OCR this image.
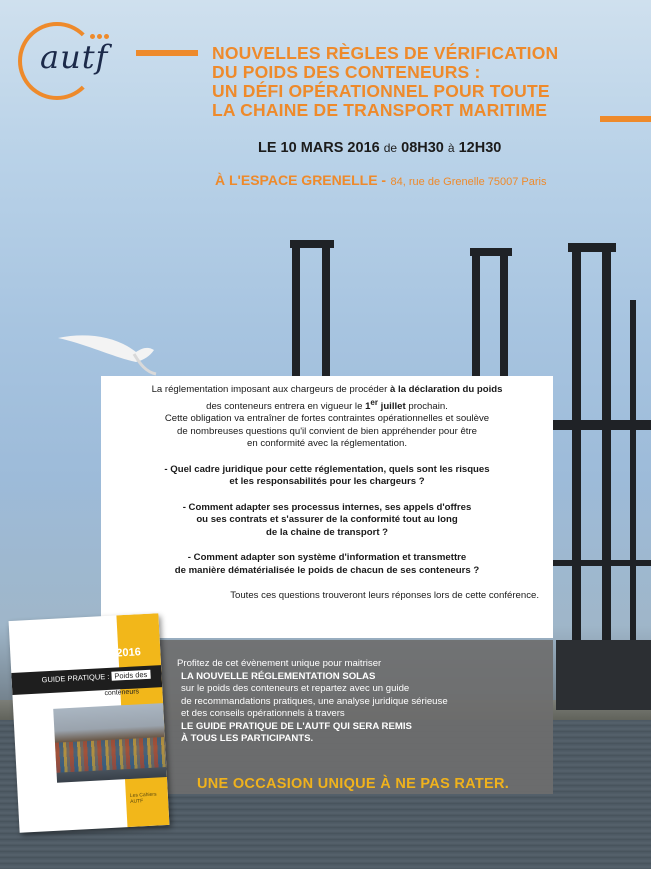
autf	NOUVELLES RÈGLES DE VÉRIFICATION
DU POIDS DES CONTENEURS :
UN DÉFI OPÉRATIONNEL POUR TOUTE
LA CHAINE DE TRANSPORT MARITIME
LE 10 MARS 2016 de 08H30 à 12H30
À L'ESPACE GRENELLE - 84, rue de Grenelle 75007 Paris
La réglementation imposant aux chargeurs de procéder à la déclaration du poids
des conteneurs entrera en vigueur le 1er juillet prochain.
Cette obligation va entraîner de fortes contraintes opérationnelles et soulève
de nombreuses questions qu'il convient de bien appréhender pour être
en conformité avec la réglementation.
- Quel cadre juridique pour cette réglementation, quels sont les risques
et les responsabilités pour les chargeurs ?
- Comment adapter ses processus internes, ses appels d'offres
ou ses contrats et s'assurer de la conformité tout au long
de la chaine de transport ?
- Comment adapter son système d'information et transmettre
de manière dématérialisée le poids de chacun de ses conteneurs ?
Toutes ces questions trouveront leurs réponses lors de cette conférence.
Profitez de cet évènement unique pour maitriser
LA NOUVELLE RÉGLEMENTATION SOLAS
sur le poids des conteneurs et repartez avec un guide
de recommandations pratiques, une analyse juridique sérieuse
et des conseils opérationnels à travers
LE GUIDE PRATIQUE DE L'AUTF QUI SERA REMIS
À TOUS LES PARTICIPANTS.
UNE OCCASION UNIQUE À NE PAS RATER.
2016
GUIDE PRATIQUE : Poids des
conteneurs
Les Cahiers
AUTF
